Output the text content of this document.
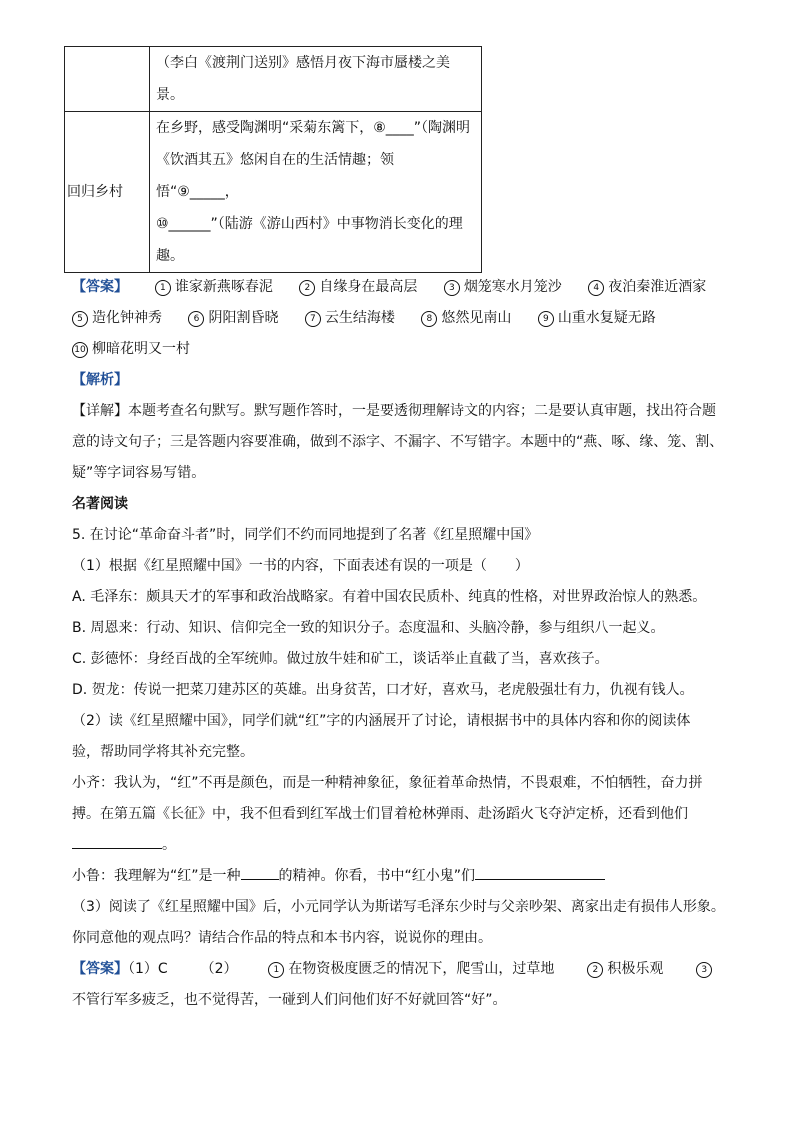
	（李白《渡荆门送别》感悟月夜下海市蜃楼之美景。
回归乡村	在乡野，感受陶渊明“采菊东篱下，⑧____”（陶渊明

《饮酒其五》悠闲自在的生活情趣；领悟“⑨_____，

⑩______”（陆游《游山西村》中事物消长变化的理

趣。

【答案】	1 谁家新燕啄春泥	2 自缘身在最高层	3 烟笼寒水月笼沙	4 夜泊秦淮近酒家

5 造化钟神秀	6 阴阳割昏晓	7 云生结海楼	8 悠然见南山	9 山重水复疑无路

10 柳暗花明又一村

【解析】

【详解】本题考查名句默写。默写题作答时，一是要透彻理解诗文的内容；二是要认真审题，找出符合题

意的诗文句子；三是答题内容要准确，做到不添字、不漏字、不写错字。本题中的“燕、啄、缘、笼、割、

疑”等字词容易写错。

名著阅读

5. 在讨论“革命奋斗者”时，同学们不约而同地提到了名著《红星照耀中国》

（1）根据《红星照耀中国》一书的内容，下面表述有误的一项是（　　）

A. 毛泽东：颇具天才的军事和政治战略家。有着中国农民质朴、纯真的性格，对世界政治惊人的熟悉。

B. 周恩来：行动、知识、信仰完全一致的知识分子。态度温和、头脑冷静，参与组织八一起义。

C. 彭德怀：身经百战的全军统帅。做过放牛娃和矿工，谈话举止直截了当，喜欢孩子。

D. 贺龙：传说一把菜刀建苏区的英雄。出身贫苦，口才好，喜欢马，老虎般强壮有力，仇视有钱人。

（2）读《红星照耀中国》，同学们就“红”字的内涵展开了讨论，请根据书中的具体内容和你的阅读体

验，帮助同学将其补充完整。

小齐：我认为，“红”不再是颜色，而是一种精神象征，象征着革命热情，不畏艰难，不怕牺牲，奋力拼

搏。在第五篇《长征》中，我不但看到红军战士们冒着枪林弹雨、赴汤蹈火飞夺泸定桥，还看到他们

。

小鲁：我理解为“红”是一种	的精神。你看，书中“红小鬼”们

（3）阅读了《红星照耀中国》后，小元同学认为斯诺写毛泽东少时与父亲吵架、离家出走有损伟人形象。

你同意他的观点吗？请结合作品的特点和本书内容，说说你的理由。

【答案】（1）C （2）	1 在物资极度匮乏的情况下，爬雪山，过草地	2 积极乐观	3

不管行军多疲乏，也不觉得苦，一碰到人们问他们好不好就回答“好”。
